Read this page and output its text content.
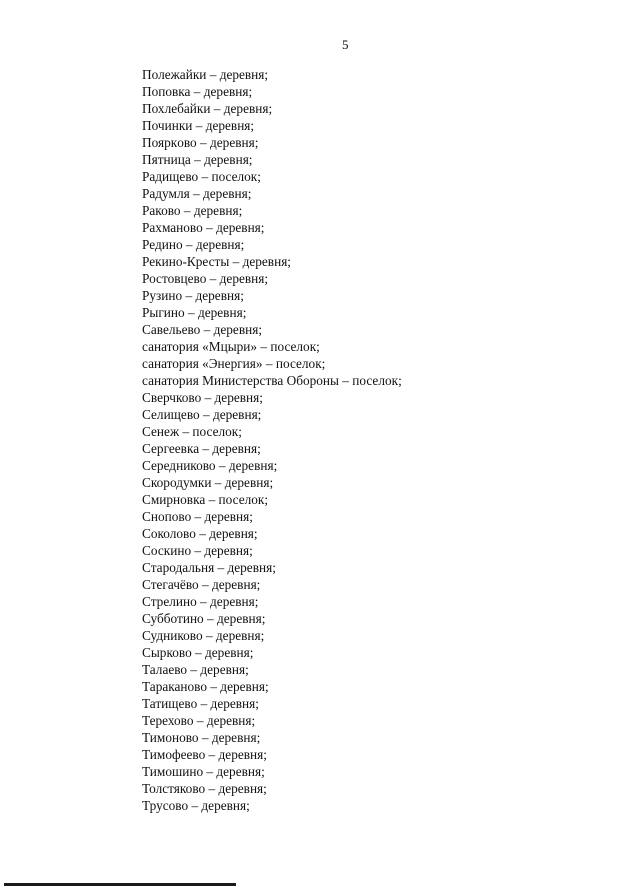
5

Полежайки – деревня;
Поповка – деревня;
Похлебайки – деревня;
Починки – деревня;
Пояркoво – деревня;
Пятница – деревня;
Радищево – поселок;
Радумля – деревня;
Раково – деревня;
Рахманово – деревня;
Редино – деревня;
Рекино-Кресты – деревня;
Ростовцево – деревня;
Рузино – деревня;
Рыгино – деревня;
Савельево – деревня;
санатория «Мцыри» – поселок;
санатория «Энергия» – поселок;
санатория Министерства Обороны – поселок;
Сверчково – деревня;
Селищево – деревня;
Сенеж – поселок;
Сергеевка – деревня;
Середниково – деревня;
Скородумки – деревня;
Смирновка – поселок;
Снопово – деревня;
Соколово – деревня;
Соскино – деревня;
Стародальня – деревня;
Стегачёво – деревня;
Стрелино – деревня;
Субботино – деревня;
Судниково – деревня;
Сырково – деревня;
Талаево – деревня;
Тараканово – деревня;
Татищево – деревня;
Терехово – деревня;
Тимоново – деревня;
Тимофеево – деревня;
Тимошино – деревня;
Толстяково – деревня;
Трусово – деревня;
